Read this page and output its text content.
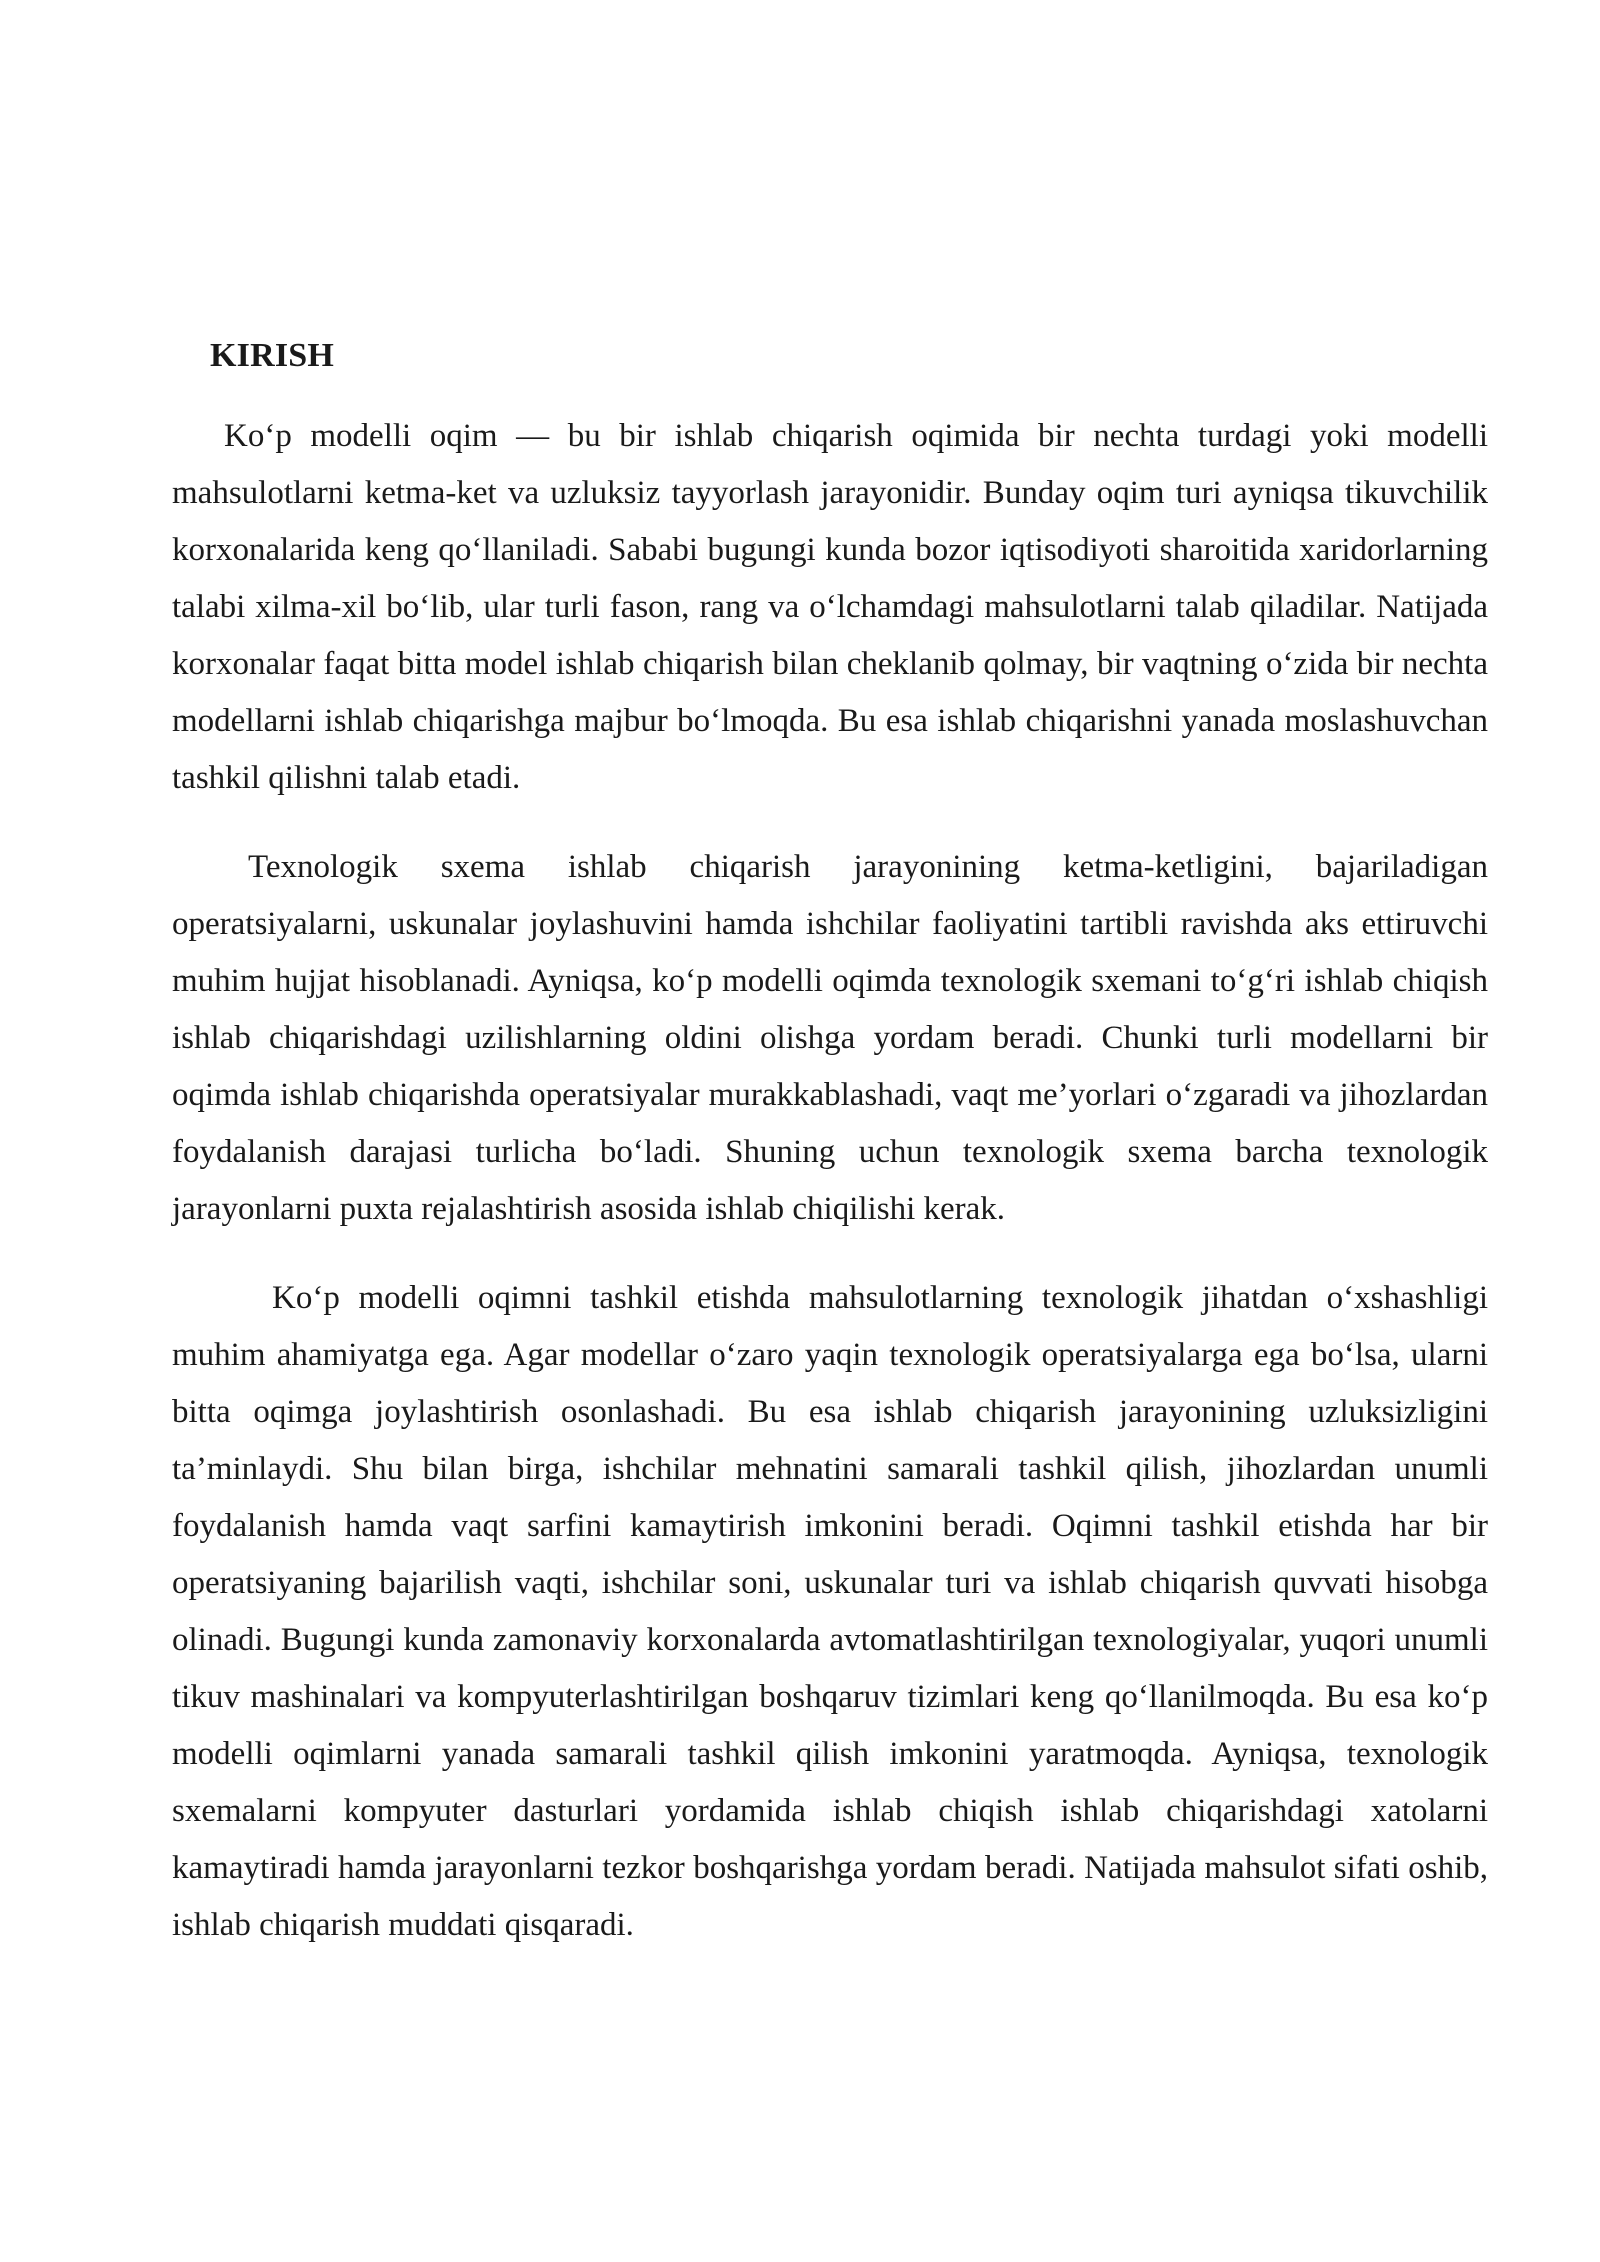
KIRISH

Ko‘p modelli oqim — bu bir ishlab chiqarish oqimida bir nechta turdagi yoki modelli mahsulotlarni ketma-ket va uzluksiz tayyorlash jarayonidir. Bunday oqim turi ayniqsa tikuvchilik korxonalarida keng qo‘llaniladi. Sababi bugungi kunda bozor iqtisodiyoti sharoitida xaridorlarning talabi xilma-xil bo‘lib, ular turli fason, rang va o‘lchamdagi mahsulotlarni talab qiladilar. Natijada korxonalar faqat bitta model ishlab chiqarish bilan cheklanib qolmay, bir vaqtning o‘zida bir nechta modellarni ishlab chiqarishga majbur bo‘lmoqda. Bu esa ishlab chiqarishni yanada moslashuvchan tashkil qilishni talab etadi.

Texnologik sxema ishlab chiqarish jarayonining ketma-ketligini, bajariladigan operatsiyalarni, uskunalar joylashuvini hamda ishchilar faoliyatini tartibli ravishda aks ettiruvchi muhim hujjat hisoblanadi. Ayniqsa, ko‘p modelli oqimda texnologik sxemani to‘g‘ri ishlab chiqish ishlab chiqarishdagi uzilishlarning oldini olishga yordam beradi. Chunki turli modellarni bir oqimda ishlab chiqarishda operatsiyalar murakkablashadi, vaqt me’yorlari o‘zgaradi va jihozlardan foydalanish darajasi turlicha bo‘ladi. Shuning uchun texnologik sxema barcha texnologik jarayonlarni puxta rejalashtirish asosida ishlab chiqilishi kerak.

Ko‘p modelli oqimni tashkil etishda mahsulotlarning texnologik jihatdan o‘xshashligi muhim ahamiyatga ega. Agar modellar o‘zaro yaqin texnologik operatsiyalarga ega bo‘lsa, ularni bitta oqimga joylashtirish osonlashadi. Bu esa ishlab chiqarish jarayonining uzluksizligini ta’minlaydi. Shu bilan birga, ishchilar mehnatini samarali tashkil qilish, jihozlardan unumli foydalanish hamda vaqt sarfini kamaytirish imkonini beradi. Oqimni tashkil etishda har bir operatsiyaning bajarilish vaqti, ishchilar soni, uskunalar turi va ishlab chiqarish quvvati hisobga olinadi. Bugungi kunda zamonaviy korxonalarda avtomatlashtirilgan texnologiyalar, yuqori unumli tikuv mashinalari va kompyuterlashtirilgan boshqaruv tizimlari keng qo‘llanilmoqda. Bu esa ko‘p modelli oqimlarni yanada samarali tashkil qilish imkonini yaratmoqda. Ayniqsa, texnologik sxemalarni kompyuter dasturlari yordamida ishlab chiqish ishlab chiqarishdagi xatolarni kamaytiradi hamda jarayonlarni tezkor boshqarishga yordam beradi. Natijada mahsulot sifati oshib, ishlab chiqarish muddati qisqaradi.
